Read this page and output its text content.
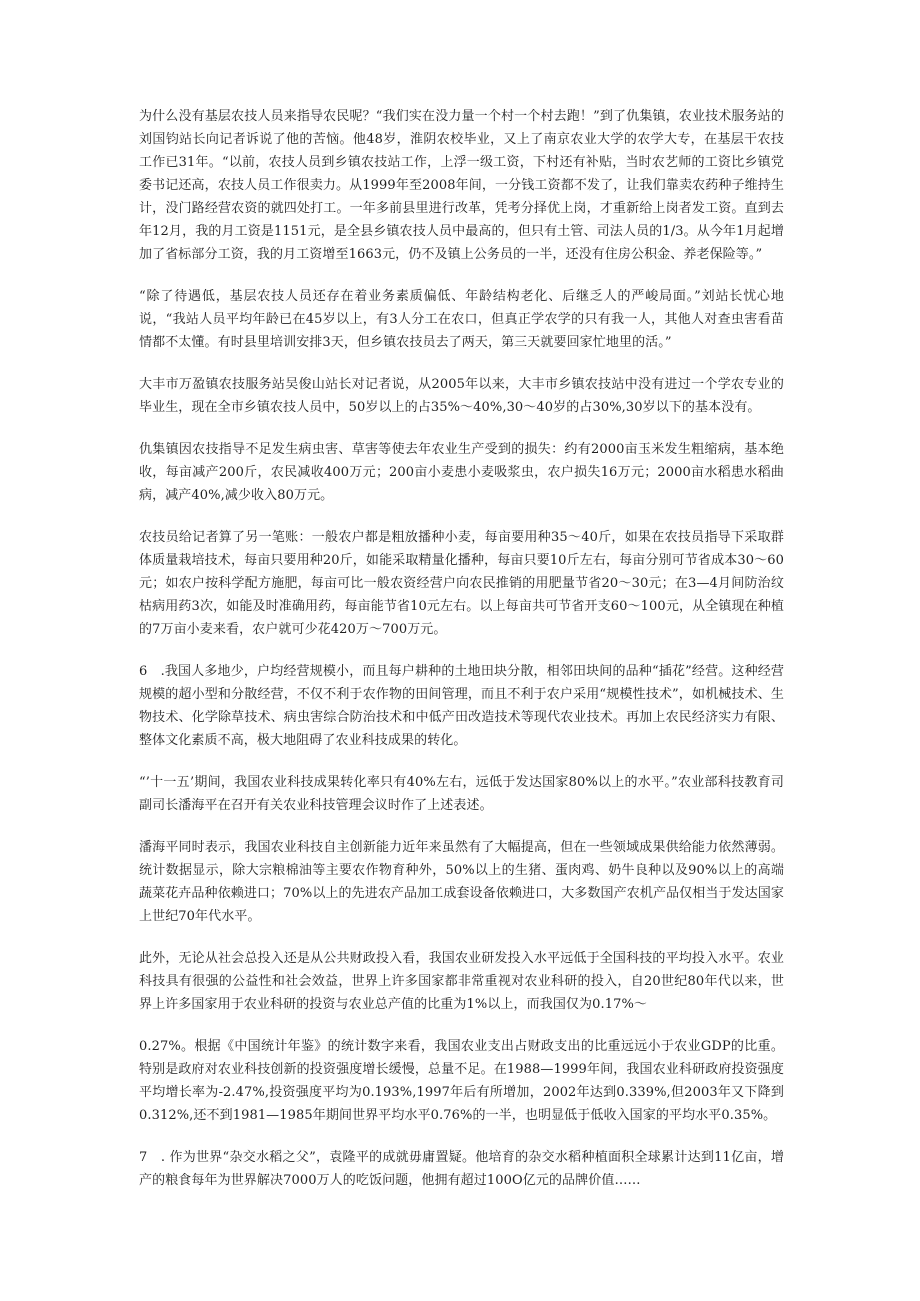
为什么没有基层农技人员来指导农民呢？“我们实在没力量一个村一个村去跑！”到了仇集镇，农业技术服务站的刘国钧站长向记者诉说了他的苦恼。他48岁，淮阴农校毕业，又上了南京农业大学的农学大专，在基层干农技工作已31年。“以前，农技人员到乡镇农技站工作，上浮一级工资，下村还有补贴，当时农艺师的工资比乡镇党委书记还高，农技人员工作很卖力。从1999年至2008年间，一分钱工资都不发了，让我们靠卖农药种子维持生计，没门路经营农资的就四处打工。一年多前县里进行改革，凭考分择优上岗，才重新给上岗者发工资。直到去年12月，我的月工资是1151元，是全县乡镇农技人员中最高的，但只有土管、司法人员的1/3。从今年1月起增加了省标部分工资，我的月工资增至1663元，仍不及镇上公务员的一半，还没有住房公积金、养老保险等。”

“除了待遇低，基层农技人员还存在着业务素质偏低、年龄结构老化、后继乏人的严峻局面。”刘站长忧心地说，“我站人员平均年龄已在45岁以上，有3人分工在农口，但真正学农学的只有我一人，其他人对查虫害看苗情都不太懂。有时县里培训安排3天，但乡镇农技员去了两天，第三天就要回家忙地里的活。”

大丰市万盈镇农技服务站吴俊山站长对记者说，从2005年以来，大丰市乡镇农技站中没有进过一个学农专业的毕业生，现在全市乡镇农技人员中，50岁以上的占35%〜40%,30〜40岁的占30%,30岁以下的基本没有。

仇集镇因农技指导不足发生病虫害、草害等使去年农业生产受到的损失：约有2000亩玉米发生粗缩病，基本绝收，每亩减产200斤，农民减收400万元；200亩小麦患小麦吸浆虫，农户损失16万元；2000亩水稻患水稻曲病，减产40%,减少收入80万元。

农技员给记者算了另一笔账：一般农户都是粗放播种小麦，每亩要用种35〜40斤，如果在农技员指导下采取群体质量栽培技术，每亩只要用种20斤，如能采取精量化播种，每亩只要10斤左右，每亩分别可节省成本30〜60元；如农户按科学配方施肥，每亩可比一般农资经营户向农民推销的用肥量节省20〜30元；在3—4月间防治纹枯病用药3次，如能及时准确用药，每亩能节省10元左右。以上每亩共可节省开支60〜100元，从全镇现在种植的7万亩小麦来看，农户就可少花420万～700万元。

6　.我国人多地少，户均经营规模小，而且每户耕种的土地田块分散，相邻田块间的品种“插花”经营。这种经营规模的超小型和分散经营，不仅不利于农作物的田间管理，而且不利于农户采用“规模性技术”，如机械技术、生物技术、化学除草技术、病虫害综合防治技术和中低产田改造技术等现代农业技术。再加上农民经济实力有限、整体文化素质不高，极大地阻碍了农业科技成果的转化。

“’十一五’期间，我国农业科技成果转化率只有40%左右，远低于发达国家80%以上的水平。”农业部科技教育司副司长潘海平在召开有关农业科技管理会议时作了上述表述。

潘海平同时表示，我国农业科技自主创新能力近年来虽然有了大幅提高，但在一些领域成果供给能力依然薄弱。统计数据显示，除大宗粮棉油等主要农作物育种外，50%以上的生猪、蛋肉鸡、奶牛良种以及90%以上的高端蔬菜花卉品种依赖进口；70%以上的先进农产品加工成套设备依赖进口，大多数国产农机产品仅相当于发达国家上世纪70年代水平。

此外，无论从社会总投入还是从公共财政投入看，我国农业研发投入水平远低于全国科技的平均投入水平。农业科技具有很强的公益性和社会效益，世界上许多国家都非常重视对农业科研的投入，自20世纪80年代以来，世界上许多国家用于农业科研的投资与农业总产值的比重为1%以上，而我国仅为0.17%〜

0.27%。根据《中国统计年鉴》的统计数字来看，我国农业支出占财政支出的比重远远小于农业GDP的比重。特别是政府对农业科技创新的投资强度增长缓慢，总量不足。在1988—1999年间，我国农业科研政府投资强度平均增长率为-2.47%,投资强度平均为0.193%,1997年后有所增加，2002年达到0.339%,但2003年又下降到0.312%,还不到1981—1985年期间世界平均水平0.76%的一半，也明显低于低收入国家的平均水平0.35%。

7　. 作为世界“杂交水稻之父”，袁隆平的成就毋庸置疑。他培育的杂交水稻种植面积全球累计达到11亿亩，增产的粮食每年为世界解决7000万人的吃饭问题，他拥有超过100O亿元的品牌价值……
